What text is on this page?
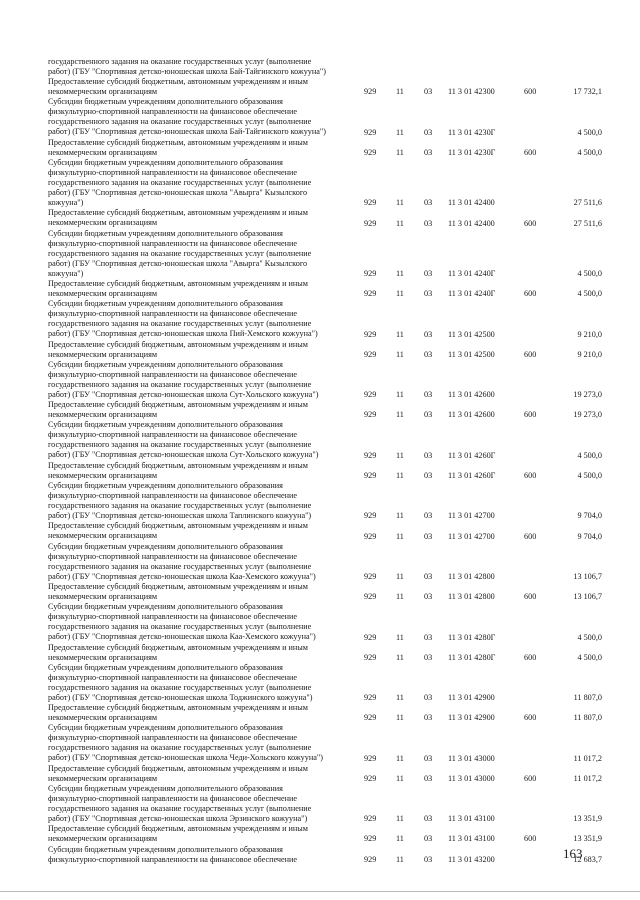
государственного задания на оказание государственных услуг (выполнение
работ) (ГБУ "Спортивная детско-юношеская школа Бай-Тайгинского кожууна")
Предоставление субсидий бюджетным, автономным учреждениям и иным
некоммерческим организациям	929	11	03	11 3 01 42300	600	17 732,1
Субсидии бюджетным учреждениям дополнительного образования
физкультурно-спортивной направленности на финансовое обеспечение
государственного задания на оказание государственных услуг (выполнение
работ) (ГБУ "Спортивная детско-юношеская школа Бай-Тайгинского кожууна")	929	11	03	11 3 01 4230Г	4 500,0
Предоставление субсидий бюджетным, автономным учреждениям и иным
некоммерческим организациям	929	11	03	11 3 01 4230Г	600	4 500,0
Субсидии бюджетным учреждениям дополнительного образования
физкультурно-спортивной направленности на финансовое обеспечение
государственного задания на оказание государственных услуг (выполнение
работ) (ГБУ "Спортивная детско-юношеская школа "Авырга" Кызылского
кожууна")	929	11	03	11 3 01 42400	27 511,6
Предоставление субсидий бюджетным, автономным учреждениям и иным
некоммерческим организациям	929	11	03	11 3 01 42400	600	27 511,6
Субсидии бюджетным учреждениям дополнительного образования
физкультурно-спортивной направленности на финансовое обеспечение
государственного задания на оказание государственных услуг (выполнение
работ) (ГБУ "Спортивная детско-юношеская школа "Авырга" Кызылского
кожууна")	929	11	03	11 3 01 4240Г	4 500,0
Предоставление субсидий бюджетным, автономным учреждениям и иным
некоммерческим организациям	929	11	03	11 3 01 4240Г	600	4 500,0
Субсидии бюджетным учреждениям дополнительного образования
физкультурно-спортивной направленности на финансовое обеспечение
государственного задания на оказание государственных услуг (выполнение
работ) (ГБУ "Спортивная детско-юношеская школа Пий-Хемского кожууна")	929	11	03	11 3 01 42500	9 210,0
Предоставление субсидий бюджетным, автономным учреждениям и иным
некоммерческим организациям	929	11	03	11 3 01 42500	600	9 210,0
Субсидии бюджетным учреждениям дополнительного образования
физкультурно-спортивной направленности на финансовое обеспечение
государственного задания на оказание государственных услуг (выполнение
работ) (ГБУ "Спортивная детско-юношеская школа Сут-Хольского кожууна")	929	11	03	11 3 01 42600	19 273,0
Предоставление субсидий бюджетным, автономным учреждениям и иным
некоммерческим организациям	929	11	03	11 3 01 42600	600	19 273,0
Субсидии бюджетным учреждениям дополнительного образования
физкультурно-спортивной направленности на финансовое обеспечение
государственного задания на оказание государственных услуг (выполнение
работ) (ГБУ "Спортивная детско-юношеская школа Сут-Хольского кожууна")	929	11	03	11 3 01 4260Г	4 500,0
Предоставление субсидий бюджетным, автономным учреждениям и иным
некоммерческим организациям	929	11	03	11 3 01 4260Г	600	4 500,0
Субсидии бюджетным учреждениям дополнительного образования
физкультурно-спортивной направленности на финансовое обеспечение
государственного задания на оказание государственных услуг (выполнение
работ) (ГБУ "Спортивная детско-юношеская школа Таплинского кожууна")	929	11	03	11 3 01 42700	9 704,0
Предоставление субсидий бюджетным, автономным учреждениям и иным
некоммерческим организациям	929	11	03	11 3 01 42700	600	9 704,0
Субсидии бюджетным учреждениям дополнительного образования
физкультурно-спортивной направленности на финансовое обеспечение
государственного задания на оказание государственных услуг (выполнение
работ) (ГБУ "Спортивная детско-юношеская школа Каа-Хемского кожууна")	929	11	03	11 3 01 42800	13 106,7
Предоставление субсидий бюджетным, автономным учреждениям и иным
некоммерческим организациям	929	11	03	11 3 01 42800	600	13 106,7
Субсидии бюджетным учреждениям дополнительного образования
физкультурно-спортивной направленности на финансовое обеспечение
государственного задания на оказание государственных услуг (выполнение
работ) (ГБУ "Спортивная детско-юношеская школа Каа-Хемского кожууна")	929	11	03	11 3 01 4280Г	4 500,0
Предоставление субсидий бюджетным, автономным учреждениям и иным
некоммерческим организациям	929	11	03	11 3 01 4280Г	600	4 500,0
Субсидии бюджетным учреждениям дополнительного образования
физкультурно-спортивной направленности на финансовое обеспечение
государственного задания на оказание государственных услуг (выполнение
работ) (ГБУ "Спортивная детско-юношеская школа Тоджинского кожууна")	929	11	03	11 3 01 42900	11 807,0
Предоставление субсидий бюджетным, автономным учреждениям и иным
некоммерческим организациям	929	11	03	11 3 01 42900	600	11 807,0
Субсидии бюджетным учреждениям дополнительного образования
физкультурно-спортивной направленности на финансовое обеспечение
государственного задания на оказание государственных услуг (выполнение
работ) (ГБУ "Спортивная детско-юношеская школа Чеди-Хольского кожууна")	929	11	03	11 3 01 43000	11 017,2
Предоставление субсидий бюджетным, автономным учреждениям и иным
некоммерческим организациям	929	11	03	11 3 01 43000	600	11 017,2
Субсидии бюджетным учреждениям дополнительного образования
физкультурно-спортивной направленности на финансовое обеспечение
государственного задания на оказание государственных услуг (выполнение
работ) (ГБУ "Спортивная детско-юношеская школа Эрзинского кожууна")	929	11	03	11 3 01 43100	13 351,9
Предоставление субсидий бюджетным, автономным учреждениям и иным
некоммерческим организациям	929	11	03	11 3 01 43100	600	13 351,9
Субсидии бюджетным учреждениям дополнительного образования
физкультурно-спортивной направленности на финансовое обеспечение	929	11	03	11 3 01 43200	12 683,7
163
